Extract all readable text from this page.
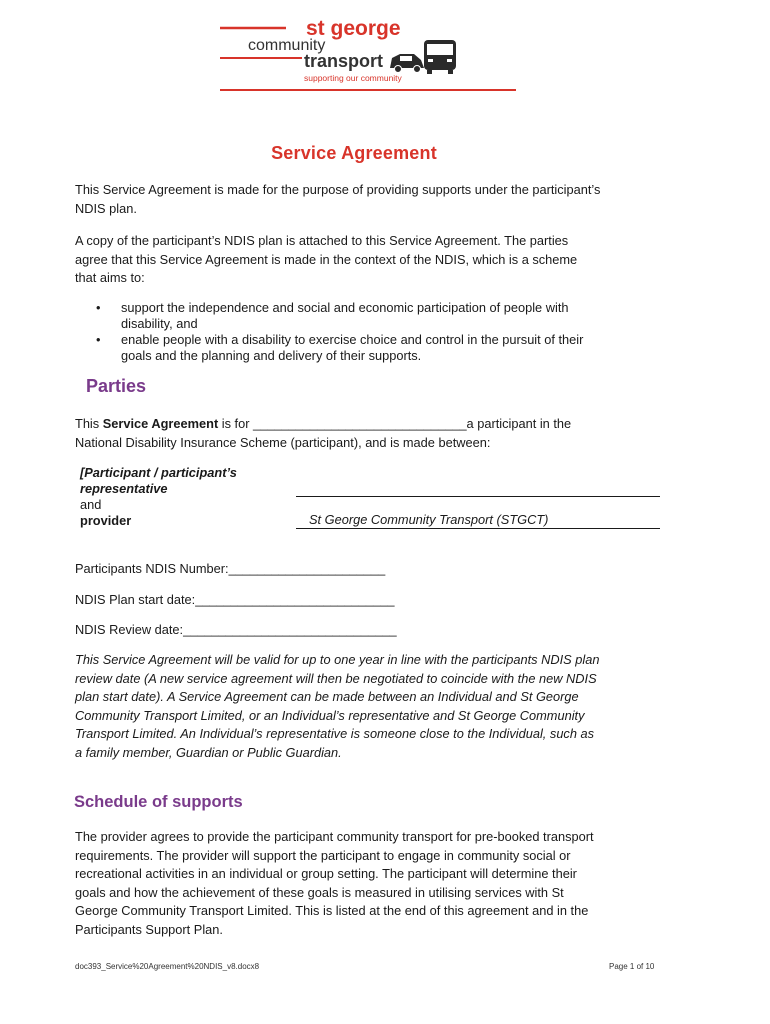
st george
community
transport
supporting our community
Service Agreement
This Service Agreement is made for the purpose of providing supports under the participant’s
NDIS plan.
A copy of the participant’s NDIS plan is attached to this Service Agreement. The parties
agree that this Service Agreement is made in the context of the NDIS, which is a scheme
that aims to:
• support the independence and social and economic participation of people with
disability, and
• enable people with a disability to exercise choice and control in the pursuit of their
goals and the planning and delivery of their supports.
Parties
This Service Agreement is for ______________________________a participant in the
National Disability Insurance Scheme (participant), and is made between:
[Participant / participant’s
representative
and
provider	St George Community Transport (STGCT)
Participants NDIS Number:______________________
NDIS Plan start date:____________________________
NDIS Review date:______________________________
This Service Agreement will be valid for up to one year in line with the participants NDIS plan
review date (A new service agreement will then be negotiated to coincide with the new NDIS
plan start date). A Service Agreement can be made between an Individual and St George
Community Transport Limited, or an Individual’s representative and St George Community
Transport Limited. An Individual’s representative is someone close to the Individual, such as
a family member, Guardian or Public Guardian.
Schedule of supports
The provider agrees to provide the participant community transport for pre-booked transport
requirements. The provider will support the participant to engage in community social or
recreational activities in an individual or group setting. The participant will determine their
goals and how the achievement of these goals is measured in utilising services with St
George Community Transport Limited. This is listed at the end of this agreement and in the
Participants Support Plan.
doc393_Service%20Agreement%20NDIS_v8.docx8	Page 1 of 10
